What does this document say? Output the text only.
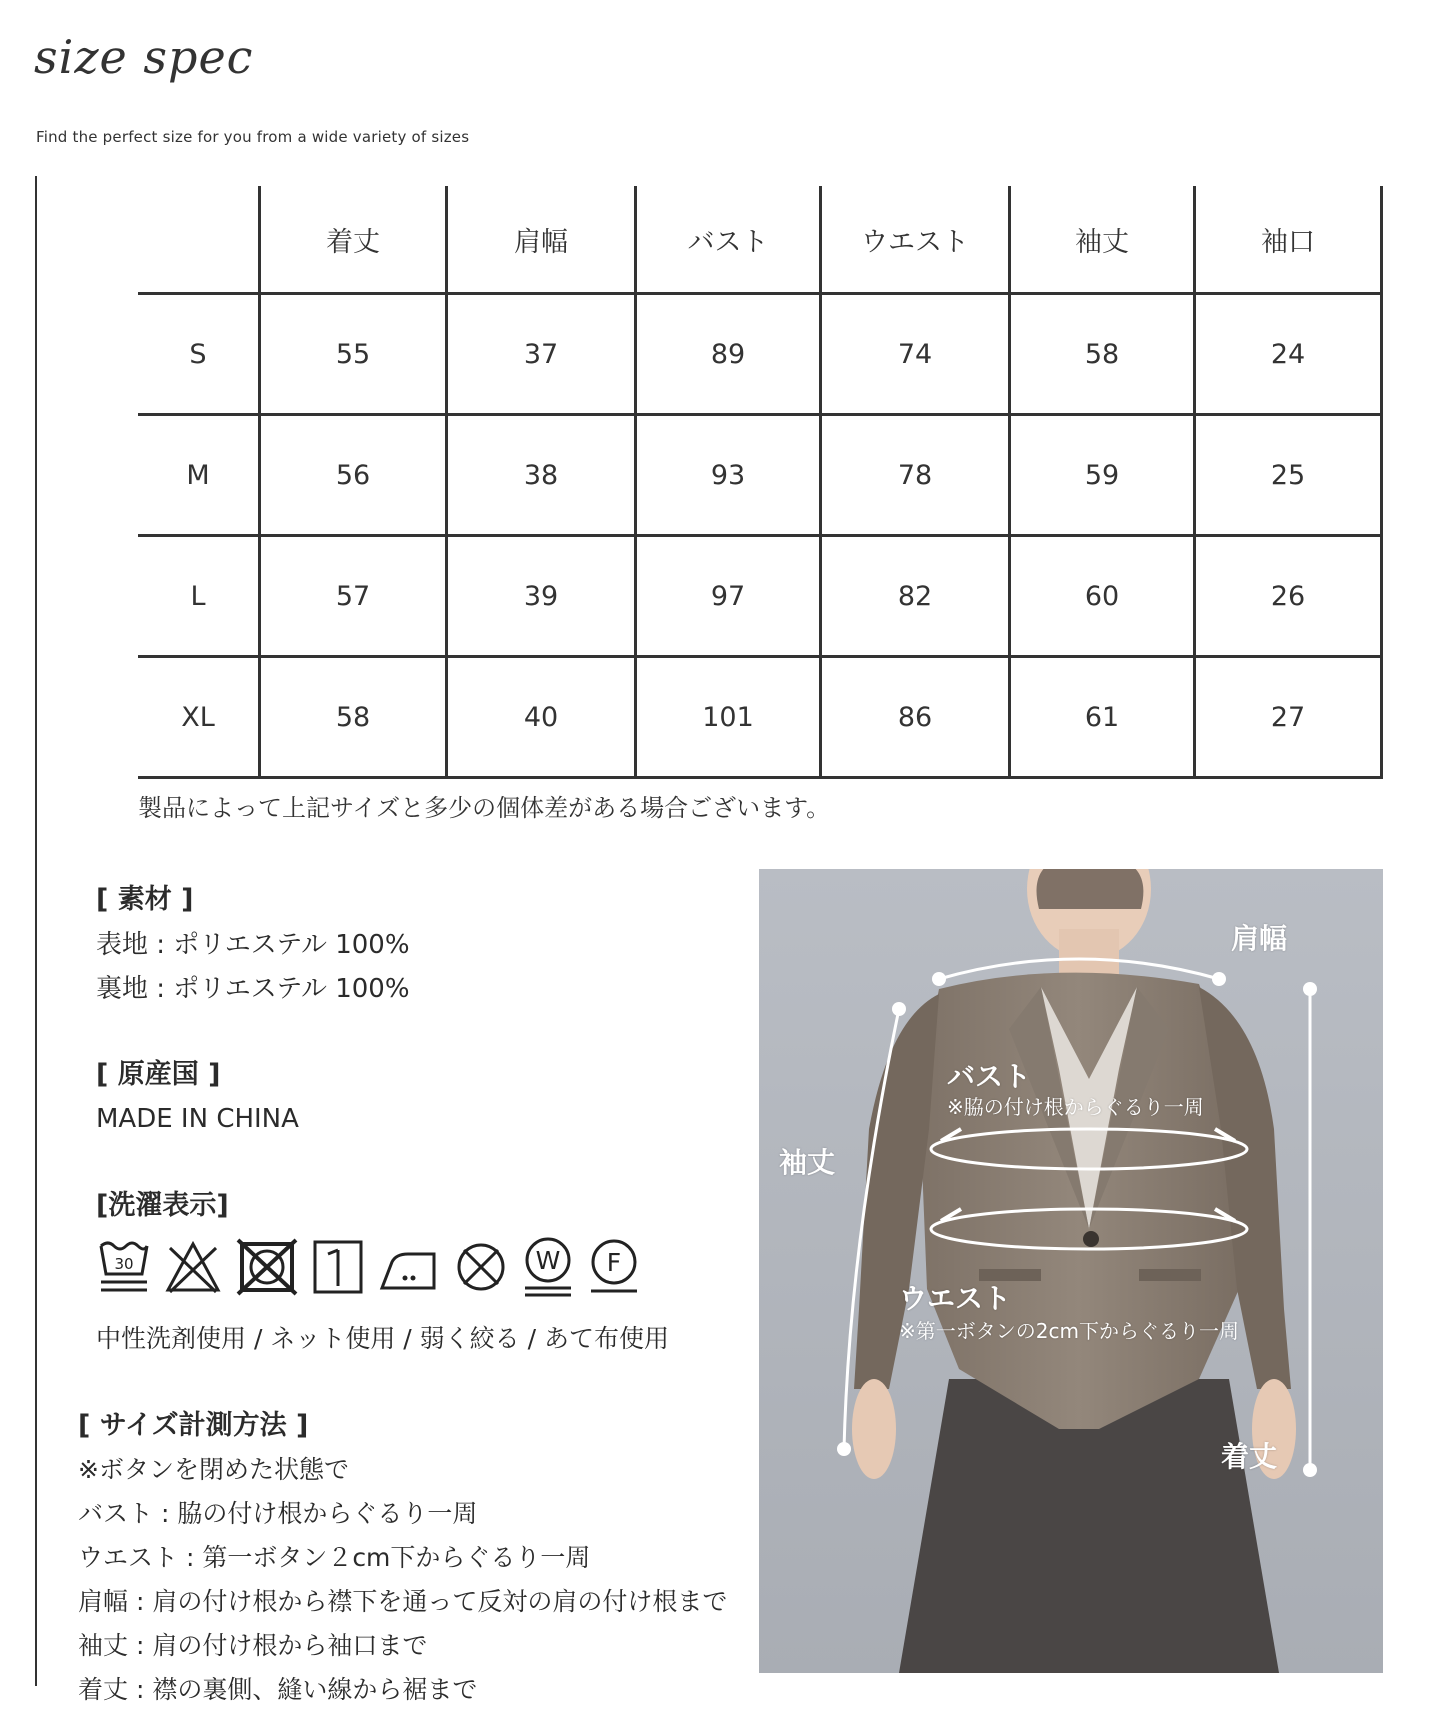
size spec
Find the perfect size for you from a wide variety of sizes
	着丈	肩幅	バスト	ウエスト	袖丈	袖口
S	55	37	89	74	58	24
M	56	38	93	78	59	25
L	57	39	97	82	60	26
XL	58	40	101	86	61	27
製品によって上記サイズと多少の個体差がある場合ございます。
[ 素材 ]
表地 : ポリエステル 100%
裏地 : ポリエステル 100%
[ 原産国 ]
MADE IN CHINA
[洗濯表示]
30	W F
中性洗剤使用 / ネット使用 / 弱く絞る / あて布使用
[ サイズ計測方法 ]
※ボタンを閉めた状態で
バスト : 脇の付け根からぐるり一周
ウエスト : 第一ボタン２cm下からぐるり一周
肩幅 : 肩の付け根から襟下を通って反対の肩の付け根まで
袖丈 : 肩の付け根から袖口まで
着丈 : 襟の裏側、縫い線から裾まで
肩幅
バスト
※脇の付け根からぐるり一周
袖丈
ウエスト
※第一ボタンの2cm下からぐるり一周
着丈
